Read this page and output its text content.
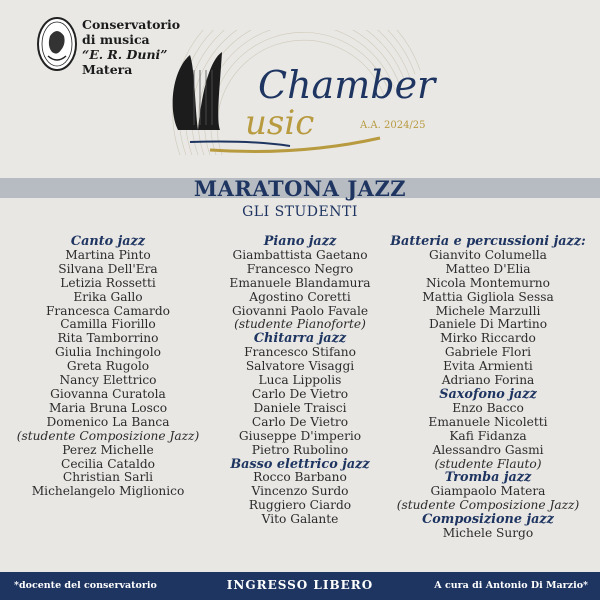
Conservatorio
di musica
“E. R. Duni”
Matera	Chamber
usic	A.A. 2024/25
MARATONA JAZZ
GLI STUDENTI
Canto jazz
Martina Pinto
Silvana Dell'Era
Letizia Rossetti
Erika Gallo
Francesca Camardo
Camilla Fiorillo
Rita Tamborrino
Giulia Inchingolo
Greta Rugolo
Nancy Elettrico
Giovanna Curatola
Maria Bruna Losco
Domenico La Banca
(studente Composizione Jazz)
Perez Michelle
Cecilia Cataldo
Christian Sarli
Michelangelo Miglionico
Piano jazz
Giambattista Gaetano
Francesco Negro
Emanuele Blandamura
Agostino Coretti
Giovanni Paolo Favale
(studente Pianoforte)
Chitarra jazz
Francesco Stifano
Salvatore Visaggi
Luca Lippolis
Carlo De Vietro
Daniele Traisci
Carlo De Vietro
Giuseppe D'imperio
Pietro Rubolino
Basso elettrico jazz
Rocco Barbano
Vincenzo Surdo
Ruggiero Ciardo
Vito Galante
Batteria e percussioni jazz:
Gianvito Columella
Matteo D'Elia
Nicola Montemurno
Mattia Gigliola Sessa
Michele Marzulli
Daniele Di Martino
Mirko Riccardo
Gabriele Flori
Evita Armienti
Adriano Forina
Saxofono jazz
Enzo Bacco
Emanuele Nicoletti
Kafi Fidanza
Alessandro Gasmi
(studente Flauto)
Tromba jazz
Giampaolo Matera
(studente Composizione Jazz)
Composizione jazz
Michele Surgo
*docente del conservatorio	INGRESSO LIBERO	A cura di Antonio Di Marzio*
